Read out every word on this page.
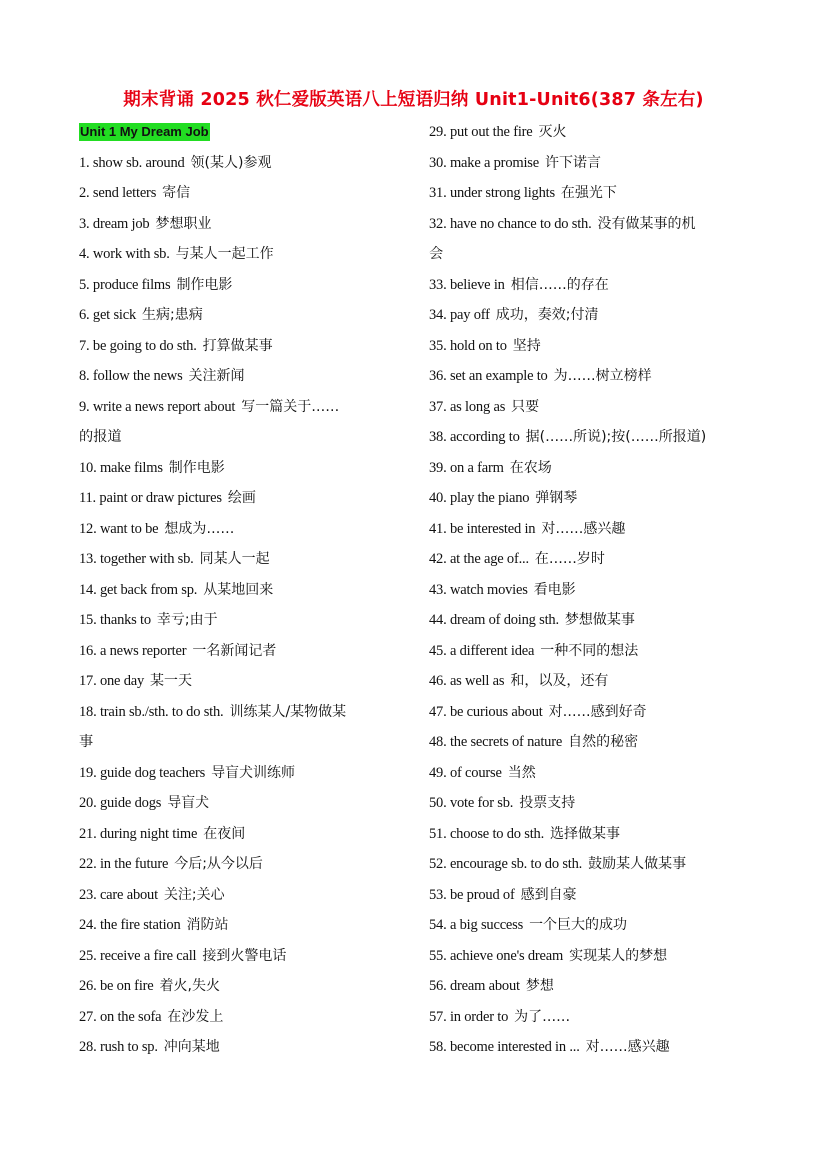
期末背诵 2025 秋仁爱版英语八上短语归纳 Unit1-Unit6(387 条左右)
Unit 1 My Dream Job
1. show sb. around 领(某人)参观
2. send letters 寄信
3. dream job 梦想职业
4. work with sb. 与某人一起工作
5. produce films 制作电影
6. get sick 生病;患病
7. be going to do sth. 打算做某事
8. follow the news 关注新闻
9. write a news report about 写一篇关于……
的报道
10. make films 制作电影
11. paint or draw pictures 绘画
12. want to be 想成为……
13. together with sb. 同某人一起
14. get back from sp. 从某地回来
15. thanks to 幸亏;由于
16. a news reporter 一名新闻记者
17. one day 某一天
18. train sb./sth. to do sth. 训练某人/某物做某
事
19. guide dog teachers 导盲犬训练师
20. guide dogs 导盲犬
21. during night time 在夜间
22. in the future 今后;从今以后
23. care about 关注;关心
24. the fire station 消防站
25. receive a fire call 接到火警电话
26. be on fire 着火,失火
27. on the sofa 在沙发上
28. rush to sp. 冲向某地
29. put out the fire 灭火
30. make a promise 许下诺言
31. under strong lights 在强光下
32. have no chance to do sth. 没有做某事的机
会
33. believe in 相信……的存在
34. pay off 成功，奏效;付清
35. hold on to 坚持
36. set an example to 为……树立榜样
37. as long as 只要
38. according to 据(……所说);按(……所报道)
39. on a farm 在农场
40. play the piano 弹钢琴
41. be interested in 对……感兴趣
42. at the age of... 在……岁时
43. watch movies 看电影
44. dream of doing sth. 梦想做某事
45. a different idea 一种不同的想法
46. as well as 和，以及，还有
47. be curious about 对……感到好奇
48. the secrets of nature 自然的秘密
49. of course 当然
50. vote for sb. 投票支持
51. choose to do sth. 选择做某事
52. encourage sb. to do sth. 鼓励某人做某事
53. be proud of 感到自豪
54. a big success 一个巨大的成功
55. achieve one's dream 实现某人的梦想
56. dream about 梦想
57. in order to 为了……
58. become interested in ... 对……感兴趣
